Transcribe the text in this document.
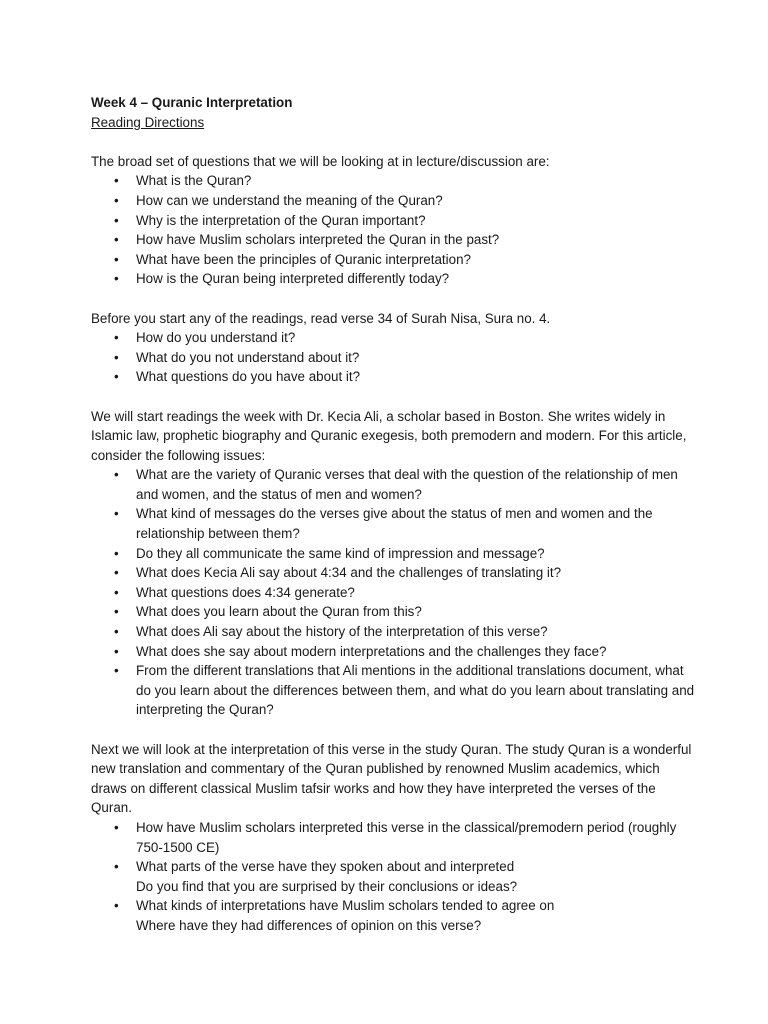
Week 4 – Quranic Interpretation

Reading Directions

The broad set of questions that we will be looking at in lecture/discussion are:

• What is the Quran?
• How can we understand the meaning of the Quran?
• Why is the interpretation of the Quran important?
• How have Muslim scholars interpreted the Quran in the past?
• What have been the principles of Quranic interpretation?
• How is the Quran being interpreted differently today?

Before you start any of the readings, read verse 34 of Surah Nisa, Sura no. 4.

• How do you understand it?
• What do you not understand about it?
• What questions do you have about it?

We will start readings the week with Dr. Kecia Ali, a scholar based in Boston. She writes widely in Islamic law, prophetic biography and Quranic exegesis, both premodern and modern. For this article, consider the following issues:

• What are the variety of Quranic verses that deal with the question of the relationship of men and women, and the status of men and women?
• What kind of messages do the verses give about the status of men and women and the relationship between them?
• Do they all communicate the same kind of impression and message?
• What does Kecia Ali say about 4:34 and the challenges of translating it?
• What questions does 4:34 generate?
• What does you learn about the Quran from this?
• What does Ali say about the history of the interpretation of this verse?
• What does she say about modern interpretations and the challenges they face?
• From the different translations that Ali mentions in the additional translations document, what do you learn about the differences between them, and what do you learn about translating and interpreting the Quran?

Next we will look at the interpretation of this verse in the study Quran. The study Quran is a wonderful new translation and commentary of the Quran published by renowned Muslim academics, which draws on different classical Muslim tafsir works and how they have interpreted the verses of the Quran.

• How have Muslim scholars interpreted this verse in the classical/premodern period (roughly 750-1500 CE)
• What parts of the verse have they spoken about and interpreted
Do you find that you are surprised by their conclusions or ideas?
• What kinds of interpretations have Muslim scholars tended to agree on
Where have they had differences of opinion on this verse?
